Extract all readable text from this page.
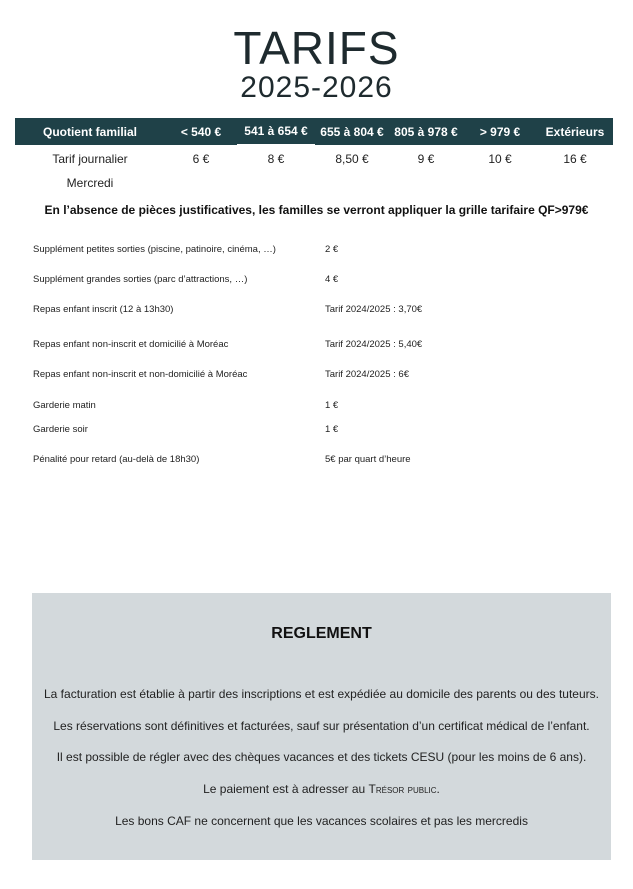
TARIFS
2025-2026
Quotient familial	< 540 €	541 à 654 €	655 à 804 €	805 à 978 €	> 979 €	Extérieurs
Tarif journalier	6 €	8 €	8,50 €	9 €	10 €	16 €
Mercredi
En l’absence de pièces justificatives, les familles se verront appliquer la grille tarifaire QF>979€
Supplément petites sorties (piscine, patinoire, cinéma, …)	2 €
Supplément grandes sorties (parc d’attractions, …)	4 €
Repas enfant inscrit (12 à 13h30)	Tarif 2024/2025 : 3,70€
Repas enfant non-inscrit et domicilié à Moréac	Tarif 2024/2025 : 5,40€
Repas enfant non-inscrit et non-domicilié à Moréac	Tarif 2024/2025 : 6€
Garderie matin	1 €
Garderie soir	1 €
Pénalité pour retard (au-delà de 18h30)	5€ par quart d’heure
REGLEMENT
La facturation est établie à partir des inscriptions et est expédiée au domicile des parents ou des tuteurs.
Les réservations sont définitives et facturées, sauf sur présentation d’un certificat médical de l’enfant.
Il est possible de régler avec des chèques vacances et des tickets CESU (pour les moins de 6 ans).
Le paiement est à adresser au Trésor public.
Les bons CAF ne concernent que les vacances scolaires et pas les mercredis
